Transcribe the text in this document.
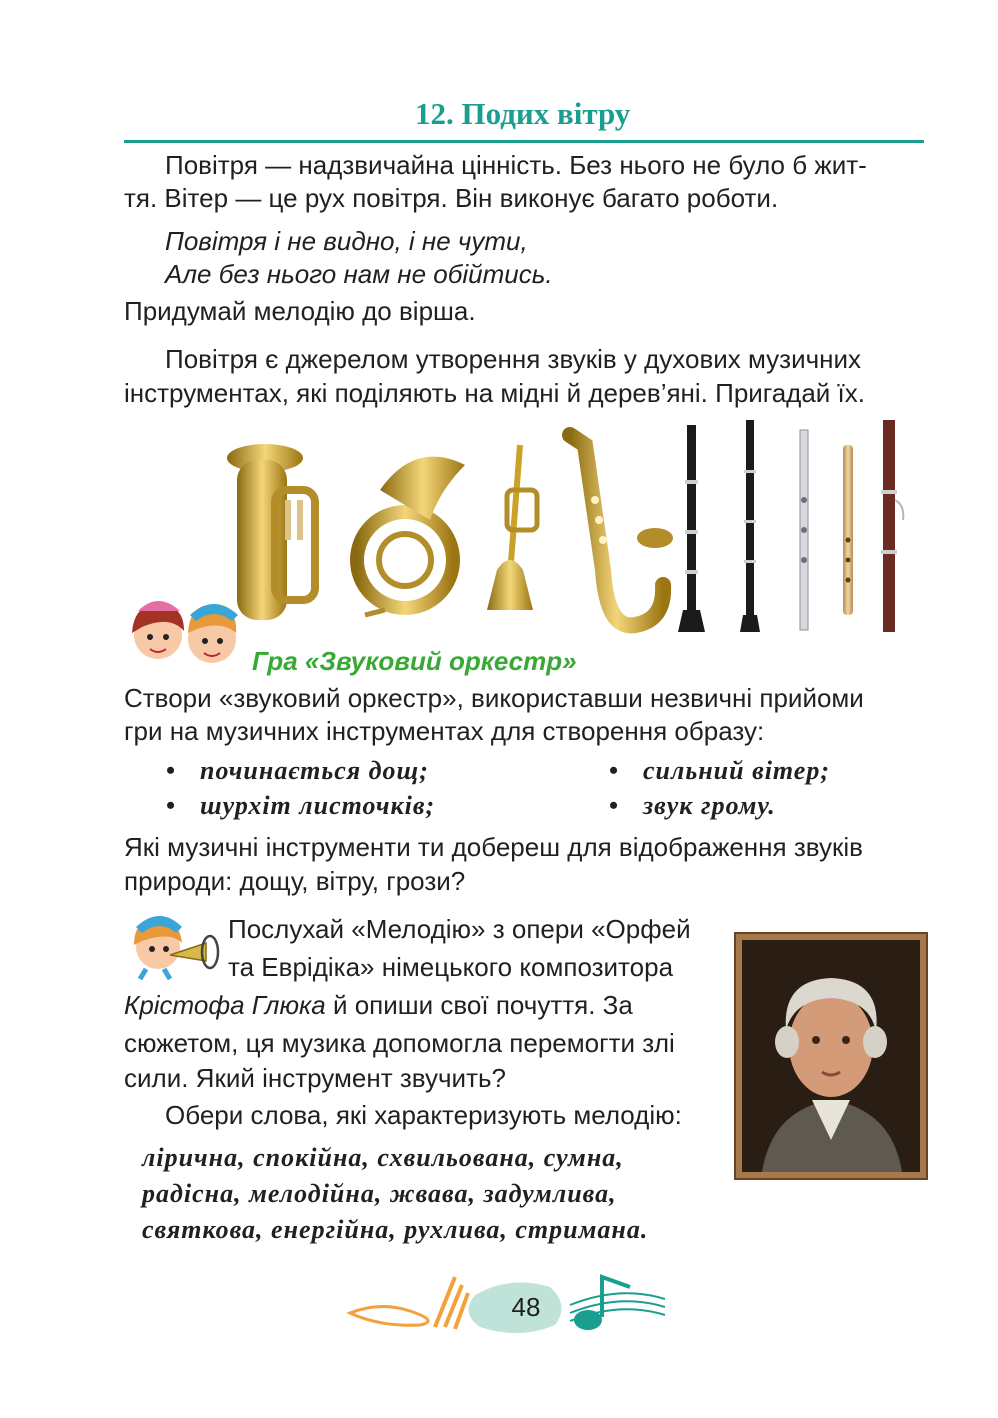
12. Подих вітру
Повітря — надзвичайна цінність. Без нього не було б жит-
тя. Вітер — це рух повітря. Він виконує багато роботи.
Повітря і не видно, і не чути,
Але без нього нам не обійтись.
Придумай мелодію до вірша.
Повітря є джерелом утворення звуків у духових музичних
інструментах, які поділяють на мідні й дерев’яні. Пригадай їх.
Гра «Звуковий оркестр»
Створи «звуковий оркестр», використавши незвичні прийоми
гри на музичних інструментах для створення образу:
• починається дощ;	• сильний вітер;
• шурхіт листочків;	• звук грому.
Які музичні інструменти ти добереш для відображення звуків
природи: дощу, вітру, грози?
Послухай «Мелодію» з опери «Орфей
та Еврідіка» німецького композитора
Крістофа Глюка й опиши свої почуття. За
сюжетом, ця музика допомогла перемогти злі
сили. Який інструмент звучить?
Обери слова, які характеризують мелодію:
лірична, спокійна, схвильована, сумна,
радісна, мелодійна, жвава, задумлива,
святкова, енергійна, рухлива, стримана.
48
